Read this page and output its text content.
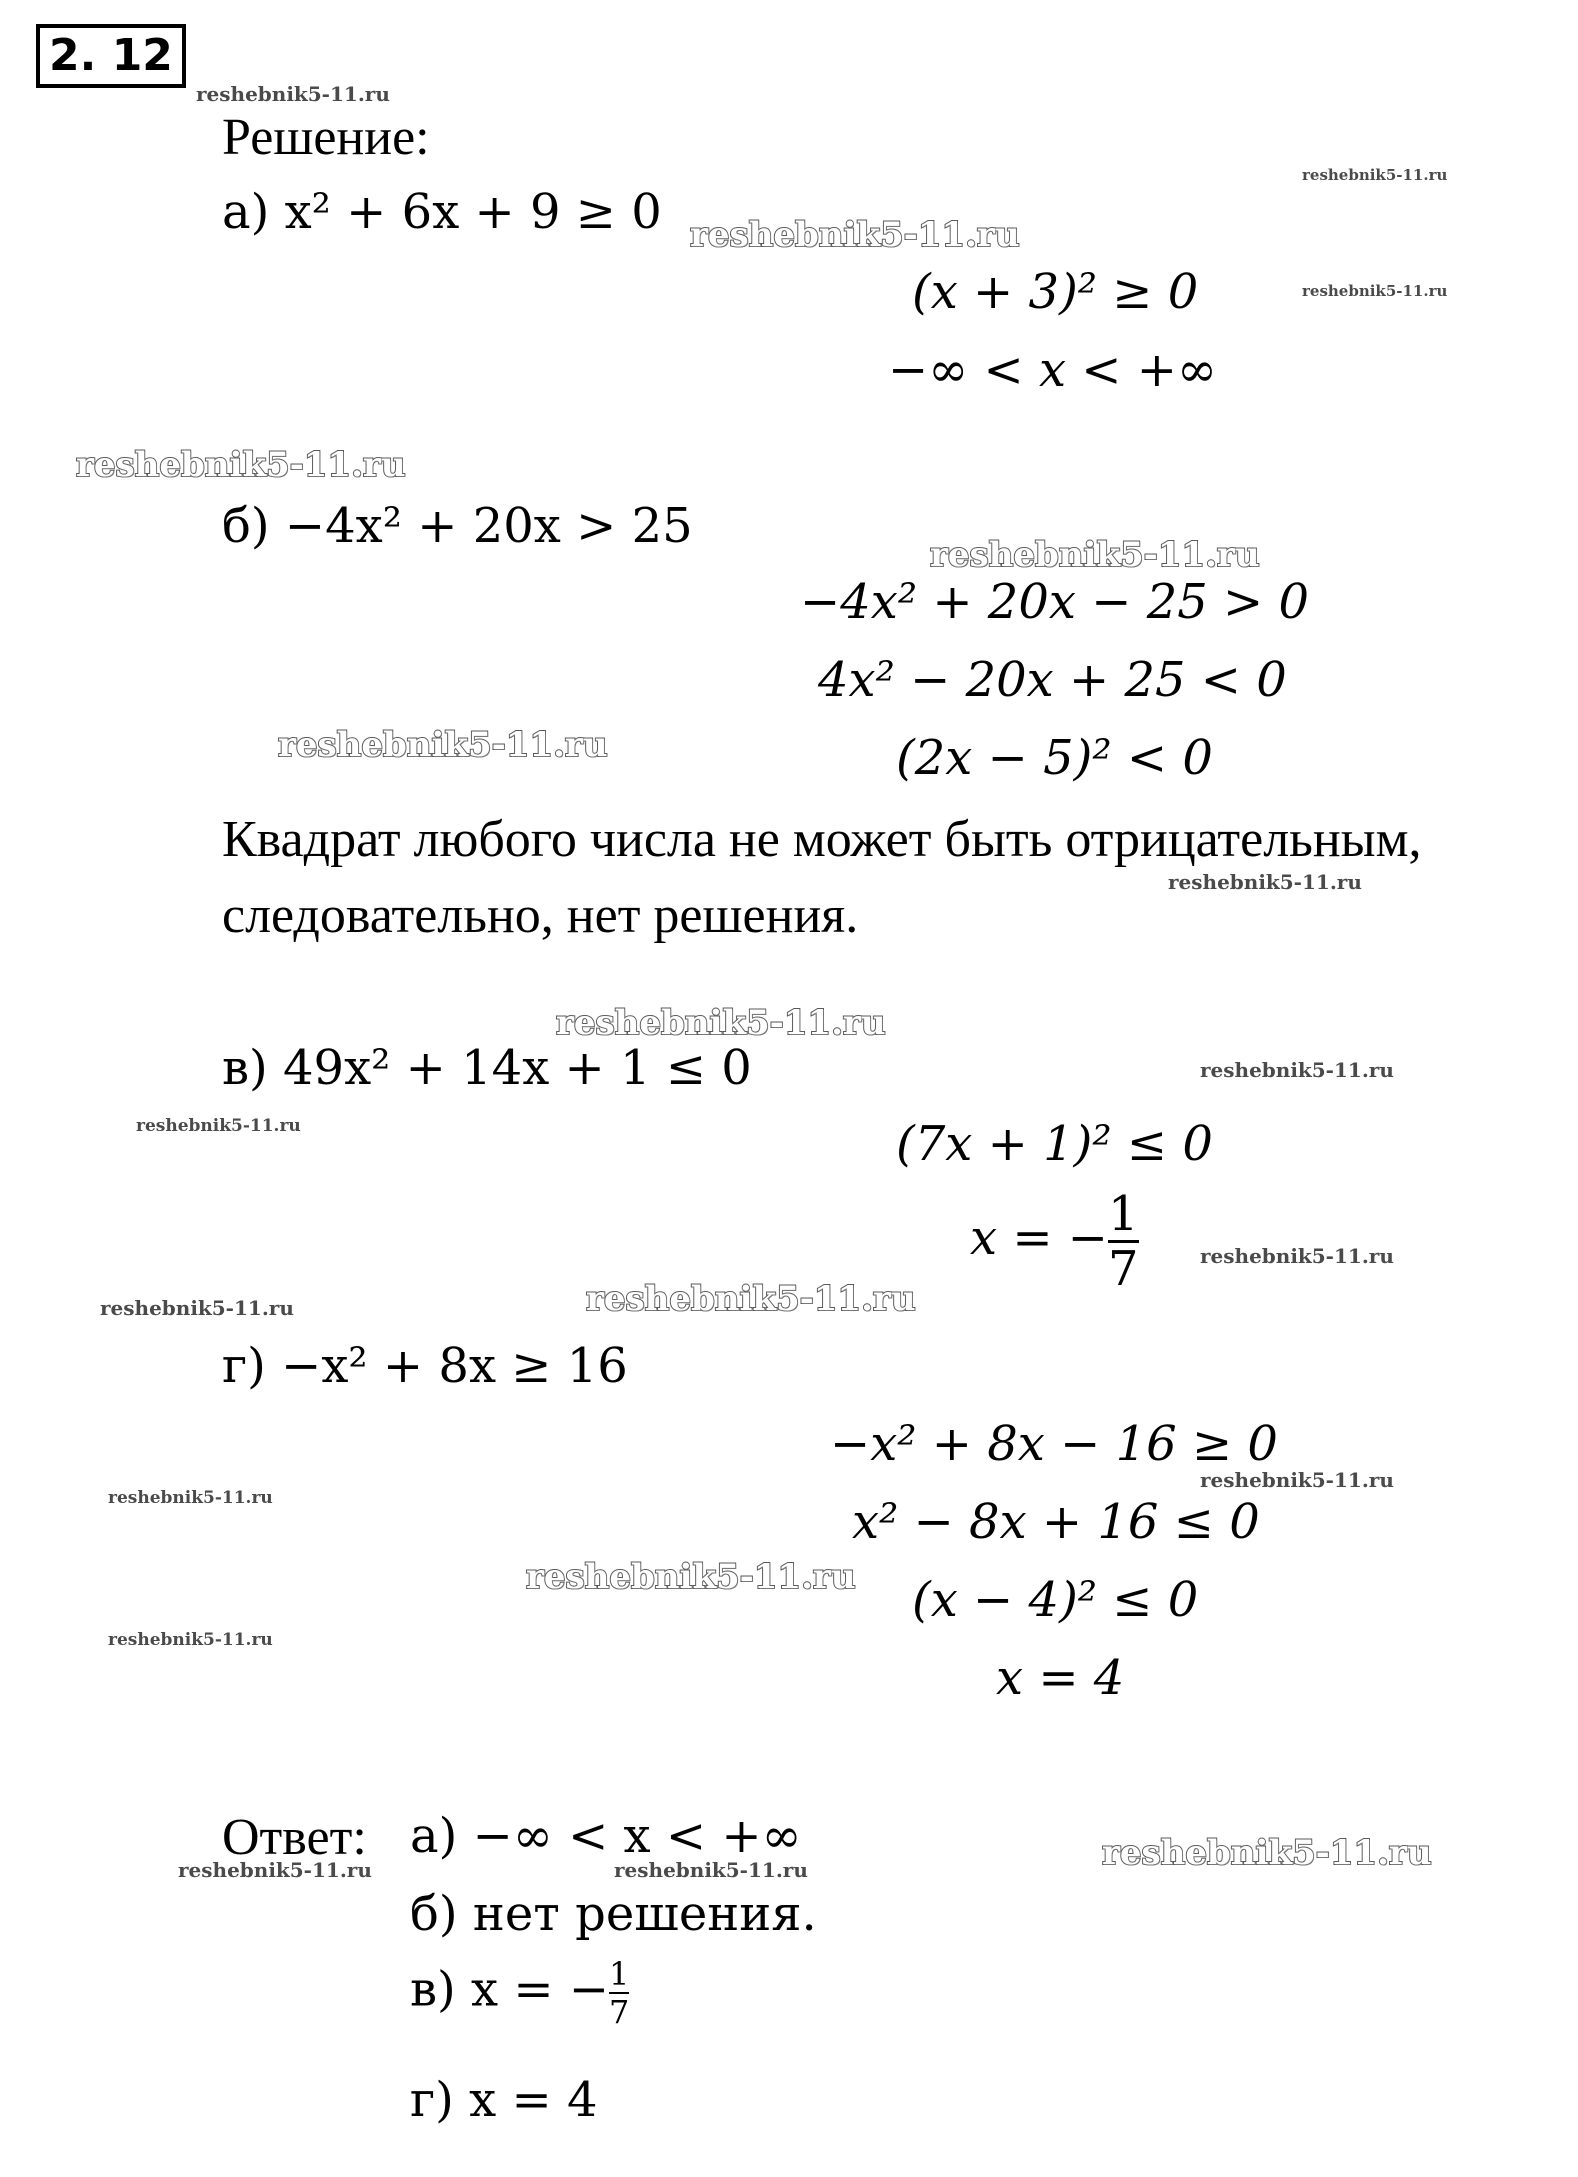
2. 12
Решение:
а) x² + 6x + 9 ≥ 0
(x + 3)² ≥ 0
−∞ < x < +∞
б) −4x² + 20x > 25
−4x² + 20x − 25 > 0
4x² − 20x + 25 < 0
(2x − 5)² < 0
Квадрат любого числа не может быть отрицательным,
следовательно, нет решения.
в) 49x² + 14x + 1 ≤ 0
(7x + 1)² ≤ 0
x = − $\frac{1}{7}$
г) −x² + 8x ≥ 16
−x² + 8x − 16 ≥ 0
x² − 8x + 16 ≤ 0
(x − 4)² ≤ 0
x = 4
Ответ: а) −∞ < x < +∞
б) нет решения.
в) x = − $\frac{1}{7}$
г) x = 4
reshebnik5-11.ru
reshebnik5-11.ru
reshebnik5-11.ru
reshebnik5-11.ru
reshebnik5-11.ru
reshebnik5-11.ru
reshebnik5-11.ru
reshebnik5-11.ru
reshebnik5-11.ru
reshebnik5-11.ru
reshebnik5-11.ru
reshebnik5-11.ru
reshebnik5-11.ru
reshebnik5-11.ru
reshebnik5-11.ru
reshebnik5-11.ru
reshebnik5-11.ru
reshebnik5-11.ru
reshebnik5-11.ru
reshebnik5-11.ru	reshebnik5-11.ru
